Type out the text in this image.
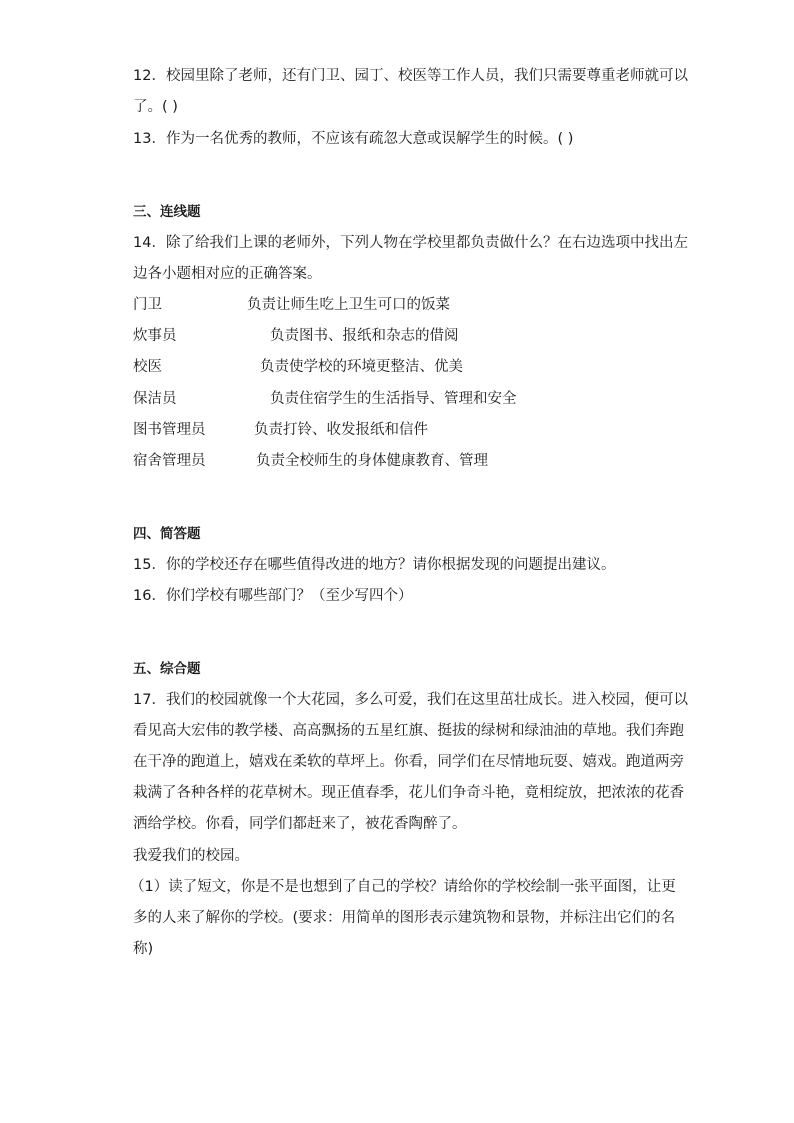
12．校园里除了老师，还有门卫、园丁、校医等工作人员，我们只需要尊重老师就可以
了。( )
13．作为一名优秀的教师，不应该有疏忽大意或误解学生的时候。( )
三、连线题
14．除了给我们上课的老师外，下列人物在学校里都负责做什么？在右边选项中找出左
边各小题相对应的正确答案。
门卫	负责让师生吃上卫生可口的饭菜
炊事员	负责图书、报纸和杂志的借阅
校医	负责使学校的环境更整洁、优美
保洁员	负责住宿学生的生活指导、管理和安全
图书管理员	负责打铃、收发报纸和信件
宿舍管理员	负责全校师生的身体健康教育、管理
四、简答题
15．你的学校还存在哪些值得改进的地方？请你根据发现的问题提出建议。
16．你们学校有哪些部门？（至少写四个）
五、综合题
17．我们的校园就像一个大花园，多么可爱，我们在这里茁壮成长。进入校园，便可以
看见高大宏伟的教学楼、高高飘扬的五星红旗、挺拔的绿树和绿油油的草地。我们奔跑
在干净的跑道上，嬉戏在柔软的草坪上。你看，同学们在尽情地玩耍、嬉戏。跑道两旁
栽满了各种各样的花草树木。现正值春季，花儿们争奇斗艳，竟相绽放，把浓浓的花香
洒给学校。你看，同学们都赶来了，被花香陶醉了。
我爱我们的校园。
（1）读了短文，你是不是也想到了自己的学校？请给你的学校绘制一张平面图，让更
多的人来了解你的学校。(要求：用简单的图形表示建筑物和景物，并标注出它们的名
称)
